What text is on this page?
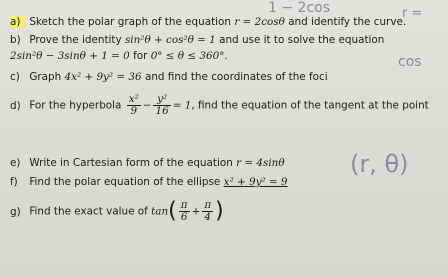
1 − 2cos	r =
cos
(r, θ)
a) Sketch the polar graph of the equation r = 2cosθ and identify the curve.
b) Prove the identity sin²θ + cos²θ = 1 and use it to solve the equation
2sin²θ − 3sinθ + 1 = 0 for 0° ≤ θ ≤ 360°.
c) Graph 4x² + 9y² = 36 and find the coordinates of the foci
d) For the hyperbola $\frac{\text{x²}}{9} - \frac{\text{y²}}{16} = 1$, find the equation of the tangent at the point
e) Write in Cartesian form of the equation r = 4sinθ
f) Find the polar equation of the ellipse x² + 9y² = 9
g) Find the exact value of $\tan( \frac{\pi}{6} + \frac{\pi}{4}$ )
